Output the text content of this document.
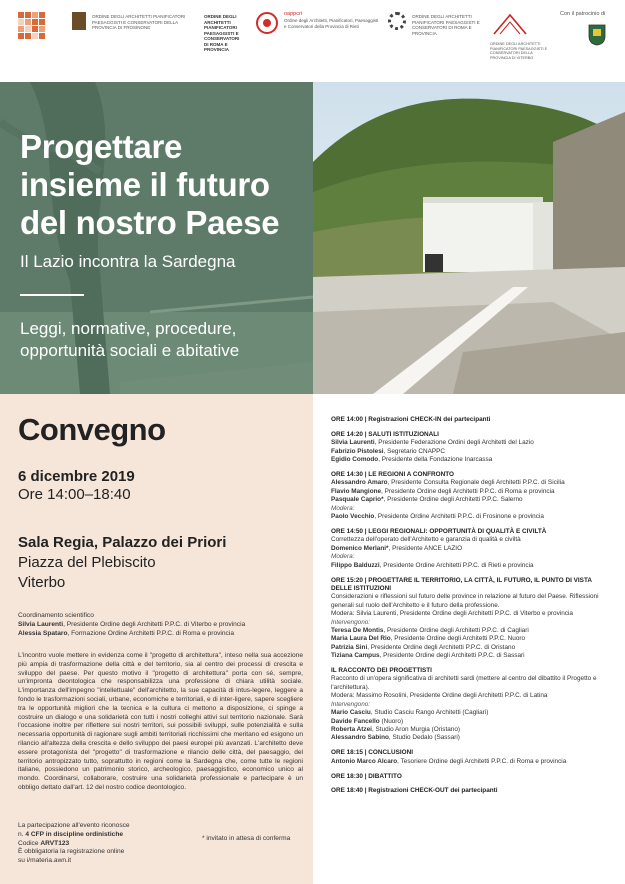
ORDINE DEGLI ARCHITETTI PIANIFICATORI PAESAGGISTI E CONSERVATORI DELLA PROVINCIA DI FROSINONE
ORDINE DEGLI ARCHITETTI PIANIFICATORI PAESAGGISTI E CONSERVATORI DI ROMA E PROVINCIA
oappcri
Ordine degli Architetti, Pianificatori, Paesaggisti e Conservatori della Provincia di Rieti
ORDINE DEGLI ARCHITETTI PIANIFICATORI PAESAGGISTI E CONSERVATORI DI ROMA E PROVINCIA
ORDINE DEGLI ARCHITETTI PIANIFICATORI PAESAGGISTI E CONSERVATORI DELLA PROVINCIA DI VITERBO
Con il patrocinio di
Progettare insieme il futuro del nostro Paese
Il Lazio incontra la Sardegna
Leggi, normative, procedure, opportunità sociali e abitative
Convegno
6 dicembre 2019
Ore 14:00–18:40
Sala Regia, Palazzo dei Priori
Piazza del Plebiscito
Viterbo
Coordinamento scientifico
Silvia Laurenti, Presidente Ordine degli Architetti P.P.C. di Viterbo e provincia
Alessia Spataro, Formazione Ordine Architetti P.P.C. di Roma e provincia
L'incontro vuole mettere in evidenza come il "progetto di architettura", inteso nella sua accezione più ampia di trasformazione della città e del territorio, sia al centro dei processi di crescita e sviluppo del paese. Per questo motivo il "progetto di architettura" porta con sé, sempre, un'impronta deontologica che responsabilizza una professione di chiara utilità sociale. L'importanza dell'impegno "intellettuale" dell'architetto, la sue capacità di intus-legere, leggere a fondo le trasformazioni sociali, urbane, economiche e territoriali, e di inter-ligere, sapere scegliere tra le opportunità migliori che la tecnica e la cultura ci mettono a disposizione, ci spinge a costruire un dialogo e una solidarietà con tutti i nostri colleghi attivi sul territorio nazionale. Sarà l'occasione inoltre per riflettere sui nostri territori, sui possibili sviluppi, sulle potenzialità e sulla necessaria opportunità di ragionare sugli ambiti territoriali ricchissimi che meritano ed esigono un rilancio all'altezza della crescita e dello sviluppo dei paesi europei più avanzati. L'architetto deve essere protagonista del "progetto" di trasformazione e rilancio delle città, del paesaggio, del territorio antropizzato tutto, soprattutto in regioni come la Sardegna che, come tutte le regioni italiane, possiedono un patrimonio storico, archeologico, paesaggistico, economico unico al mondo. Coordinarsi, collaborare, costruire una solidarietà professionale e partecipare è un obbligo dettato dall'art. 12 del nostro codice deontologico.
La partecipazione all'evento riconosce
n. 4 CFP in discipline ordinistiche
Codice ARVT123
È obbligatoria la registrazione online
su i/materia.awn.it
* invitato in attesa di conferma
ORE 14:00 | Registrazioni CHECK-IN dei partecipanti
ORE 14:20 | SALUTI ISTITUZIONALI
Silvia Laurenti, Presidente Federazione Ordini degli Architetti del Lazio
Fabrizio Pistolesi, Segretario CNAPPC
Egidio Comodo, Presidente della Fondazione Inarcassa
ORE 14:30 | LE REGIONI A CONFRONTO
Alessandro Amaro, Presidente Consulta Regionale degli Architetti P.P.C. di Sicilia
Flavio Mangione, Presidente Ordine degli Architetti P.P.C. di Roma e provincia
Pasquale Caprio*, Presidente Ordine degli Architetti P.P.C. Salerno
Modera:
Paolo Vecchio, Presidente Ordine Architetti P.P.C. di Frosinone e provincia
ORE 14:50 | LEGGI REGIONALI: OPPORTUNITÀ DI QUALITÀ E CIVILTÀ
Correttezza dell'operato dell'Architetto e garanzia di qualità e civiltà
Domenico Merlani*, Presidente ANCE LAZIO
Modera:
Filippo Balduzzi, Presidente Ordine Architetti P.P.C. di Rieti e provincia
ORE 15:20 | PROGETTARE IL TERRITORIO, LA CITTÀ, IL FUTURO, IL PUNTO DI VISTA DELLE ISTITUZIONI
Considerazioni e riflessioni sul futuro delle province in relazione al futuro del Paese. Riflessioni generali sul ruolo dell'Architetto e il futuro della professione.
Modera: Silvia Laurenti, Presidente Ordine degli Architetti P.P.C. di Viterbo e provincia
Intervengono:
Teresa De Montis, Presidente Ordine degli Architetti P.P.C. di Cagliari
Maria Laura Del Rio, Presidente Ordine degli Architetti P.P.C. Nuoro
Patrizia Sini, Presidente Ordine degli Architetti P.P.C. di Oristano
Tiziana Campus, Presidente Ordine degli Architetti P.P.C. di Sassari
IL RACCONTO DEI PROGETTISTI
Racconto di un'opera significativa di architetti sardi (mettere al centro del dibattito il Progetto e l'architettura).
Modera: Massimo Rosolini, Presidente Ordine degli Architetti P.P.C. di Latina
Intervengono:
Mario Casciu, Studio Casciu Rango Architetti (Cagliari)
Davide Fancello (Nuoro)
Roberta Atzei, Studio Aron Murgia (Oristano)
Alessandro Sabino, Studio Dedalo (Sassari)
ORE 18:15 | CONCLUSIONI
Antonio Marco Alcaro, Tesoriere Ordine degli Architetti P.P.C. di Roma e provincia
ORE 18:30 | DIBATTITO
ORE 18:40 | Registrazioni CHECK-OUT dei partecipanti
